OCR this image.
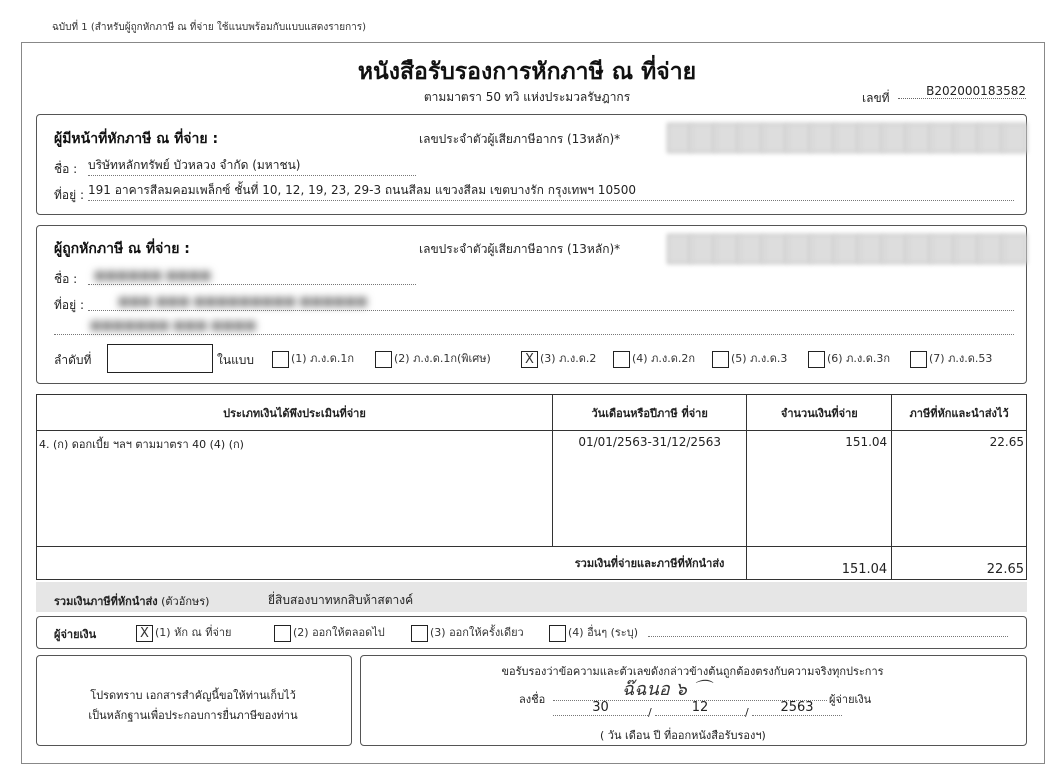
ฉบับที่ 1 (สำหรับผู้ถูกหักภาษี ณ ที่จ่าย ใช้แนบพร้อมกับแบบแสดงรายการ)
หนังสือรับรองการหักภาษี ณ ที่จ่าย
ตามมาตรา 50 ทวิ แห่งประมวลรัษฎากร	เลขที่	B202000183582
ผู้มีหน้าที่หักภาษี ณ ที่จ่าย :	เลขประจำตัวผู้เสียภาษีอากร (13หลัก)*
ชื่อ : บริษัทหลักทรัพย์ บัวหลวง จำกัด (มหาชน)
ที่อยู่ : 191 อาคารสีลมคอมเพล็กซ์ ชั้นที่ 10, 12, 19, 23, 29-3 ถนนสีลม แขวงสีลม เขตบางรัก กรุงเทพฯ 10500
ผู้ถูกหักภาษี ณ ที่จ่าย :	เลขประจำตัวผู้เสียภาษีอากร (13หลัก)*
ชื่อ :	■■■■■■ ■■■■
ที่อยู่ :	■■■ ■■■ ■■■■■■■■■ ■■■■■■
■■■■■■■ ■■■ ■■■■
ลำดับที่	ในแบบ	(1) ภ.ง.ด.1ก	(2) ภ.ง.ด.1ก(พิเศษ)	X (3) ภ.ง.ด.2	(4) ภ.ง.ด.2ก	(5) ภ.ง.ด.3	(6) ภ.ง.ด.3ก	(7) ภ.ง.ด.53
ประเภทเงินได้พึงประเมินที่จ่าย	วันเดือนหรือปีภาษี ที่จ่าย	จำนวนเงินที่จ่าย	ภาษีที่หักและนำส่งไว้
4. (ก) ดอกเบี้ย ฯลฯ ตามมาตรา 40 (4) (ก)	01/01/2563-31/12/2563	151.04	22.65
รวมเงินที่จ่ายและภาษีที่หักนำส่ง		151.04	22.65
รวมเงินภาษีที่หักนำส่ง (ตัวอักษร)	ยี่สิบสองบาทหกสิบห้าสตางค์
ผู้จ่ายเงิน	X (1) หัก ณ ที่จ่าย	(2) ออกให้ตลอดไป	(3) ออกให้ครั้งเดียว	(4) อื่นๆ (ระบุ)
โปรดทราบ เอกสารสำคัญนี้ขอให้ท่านเก็บไว้
เป็นหลักฐานเพื่อประกอบการยื่นภาษีของท่าน
ขอรับรองว่าข้อความและตัวเลขดังกล่าวข้างต้นถูกต้องตรงกับความจริงทุกประการ
ลงชื่อ	ฉ๊ฉนอ ๖ ⌒	ผู้จ่ายเงิน
30	/	12	/	2563
( วัน เดือน ปี ที่ออกหนังสือรับรองฯ)
